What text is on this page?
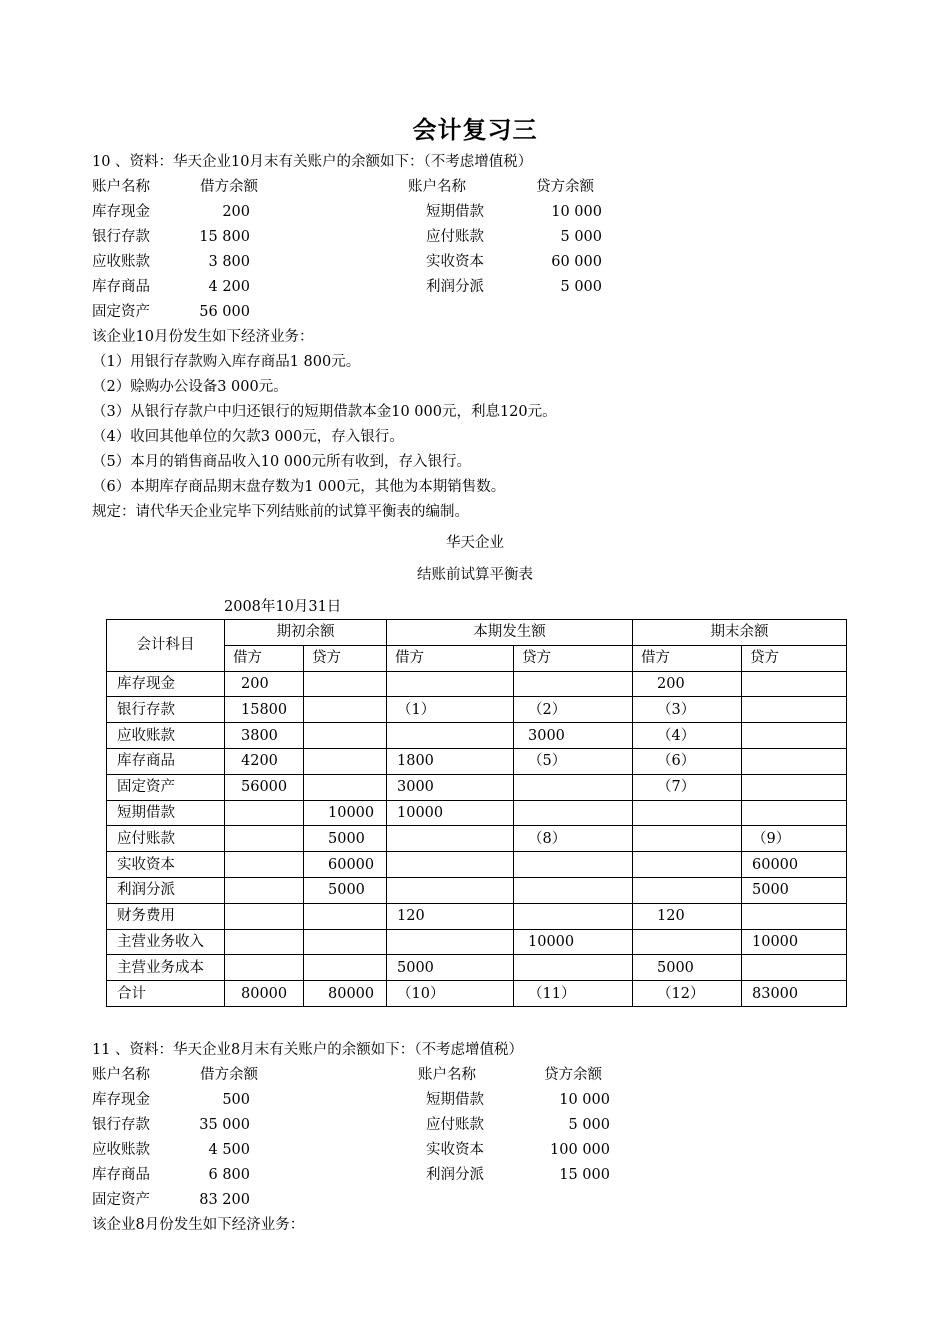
会计复习三
10 、资料：华天企业10月末有关账户的余额如下：（不考虑增值税）
账户名称	借方余额	账户名称	贷方余额
库存现金	200	短期借款	10 000
银行存款	15 800	应付账款	5 000
应收账款	3 800	实收资本	60 000
库存商品	4 200	利润分派	5 000
固定资产	56 000
该企业10月份发生如下经济业务：
（1）用银行存款购入库存商品1 800元。
（2）赊购办公设备3 000元。
（3）从银行存款户中归还银行的短期借款本金10 000元，利息120元。
（4）收回其他单位的欠款3 000元，存入银行。
（5）本月的销售商品收入10 000元所有收到，存入银行。
（6）本期库存商品期末盘存数为1 000元，其他为本期销售数。
规定：请代华天企业完毕下列结账前的试算平衡表的编制。
华天企业
结账前试算平衡表
2008年10月31日
会计科目	期初余额		本期发生额		期末余额	
	借方	贷方	借方	贷方	借方	贷方
库存现金	200				200	
银行存款	15800		（1）	（2）	（3）	
应收账款	3800			3000	（4）	
库存商品	4200		1800	（5）	（6）	
固定资产	56000		3000		（7）	
短期借款		10000	10000			
应付账款		5000		（8）		（9）
实收资本		60000				60000
利润分派		5000				5000
财务费用			120		120	
主营业务收入				10000		10000
主营业务成本			5000		5000	
合计	80000	80000	（10）	（11）	（12）	83000
11 、资料：华天企业8月末有关账户的余额如下：（不考虑增值税）
账户名称	借方余额	账户名称	贷方余额
库存现金	500	短期借款	10 000
银行存款	35 000	应付账款	5 000
应收账款	4 500	实收资本	100 000
库存商品	6 800	利润分派	15 000
固定资产	83 200
该企业8月份发生如下经济业务：
